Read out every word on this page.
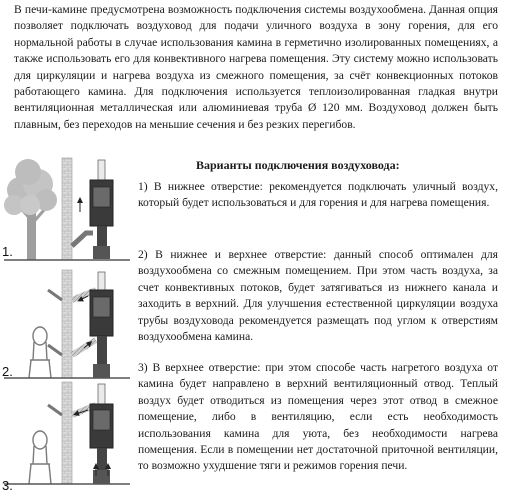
В печи-камине предусмотрена возможность подключения системы воздухообмена. Данная опция позволяет подключать воздуховод для подачи уличного воздуха в зону горения, для его нормальной работы в случае использования камина в герметично изолированных помещениях, а также использовать его для конвективного нагрева помещения. Эту систему можно использовать для циркуляции и нагрева воздуха из смежного помещения, за счёт конвекционных потоков работающего камина. Для подключения используется теплоизолированная гладкая внутри вентиляционная металлическая или алюминиевая труба Ø 120 мм. Воздуховод должен быть плавным, без переходов на меньшие сечения и без резких перегибов.

Варианты подключения воздуховода:

1) В нижнее отверстие: рекомендуется подключать уличный воздух, который будет использоваться и для горения и для нагрева помещения.

2) В нижнее и верхнее отверстие: данный способ оптимален для воздухообмена со смежным помещением. При этом часть воздуха, за счет конвективных потоков, будет затягиваться из нижнего канала и заходить в верхний. Для улучшения естественной циркуляции воздуха трубы воздуховода рекомендуется размещать под углом к отверстиям воздухообмена камина.

3) В верхнее отверстие: при этом способе часть нагретого воздуха от камина будет направлено в верхний вентиляционный отвод. Теплый воздух будет отводиться из помещения через этот отвод в смежное помещение, либо в вентиляцию, если есть необходимость использования камина для уюта, без необходимости нагрева помещения. Если в помещении нет достаточной приточной вентиляции, то возможно ухудшение тяги и режимов горения печи.

1.
2.
3.
